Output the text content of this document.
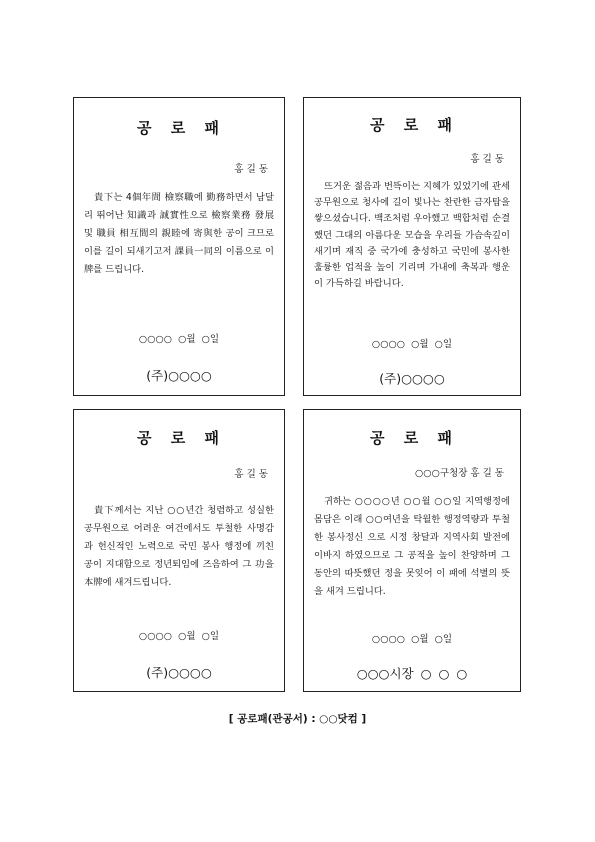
공 로 패
홍 길 동
貴下는 4個年間 檢察職에 勤務하면서 남달리 뛰어난 知識과 誠實性으로 檢察業務 發展 및 職員 相互間의 親睦에 寄與한 공이 크므로 이를 길이 되새기고저 課員一同의 이름으로 이 牌를 드립니다.
○○○○ ○월 ○일
(주)○○○○
공 로 패
홍 길 동
뜨거운 젊음과 번뜩이는 지혜가 있었기에 관세 공무원으로 청사에 길이 빛나는 찬란한 금자탑을 쌓으셨습니다. 백조처럼 우아했고 백합처럼 순결했던 그대의 아름다운 모습을 우리들 가슴속깊이 새기며 재직 중 국가에 충성하고 국민에 봉사한 훌륭한 업적을 높이 기리며 가내에 축복과 행운이 가득하길 바랍니다.
○○○○ ○월 ○일
(주)○○○○
공 로 패
홍 길 동
貴下께서는 지난 ○○년간 청렴하고 성실한 공무원으로 어려운 여건에서도 투철한 사명감과 헌신적인 노력으로 국민 봉사 행정에 끼친 공이 지대함으로 정년퇴임에 즈음하여 그 功을 本牌에 새겨드립니다.
○○○○ ○월 ○일
(주)○○○○
공 로 패
○○○구청장 홍 길 동
귀하는 ○○○○년 ○○월 ○○일 지역행정에 몸담은 이래 ○○여년을 탁월한 행정역량과 투철한 봉사정신 으로 시정 창달과 지역사회 발전에 이바지 하였으므로 그 공적을 높이 찬양하며 그동안의 따뜻했던 정을 못잊어 이 패에 석별의 뜻을 새겨 드립니다.
○○○○ ○월 ○일
○○○시장 ○ ○ ○
[ 공로패(관공서) : ○○닷컴 ]
